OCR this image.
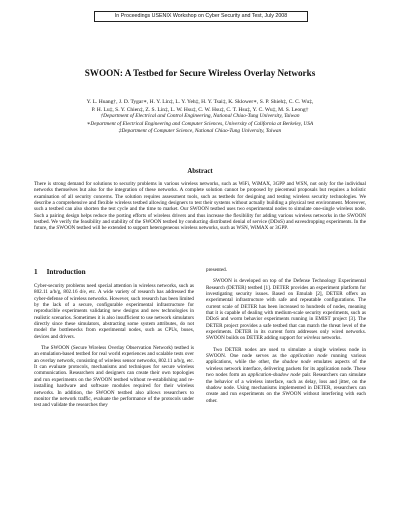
In Proceedings USENIX Workshop on Cyber Security and Test, July 2008
SWOON: A Testbed for Secure Wireless Overlay Networks
Y. L. Huang†, J. D. Tygar∗, H. Y. Lin‡, L. Y. Yeh‡, H. Y. Tsai‡, K. Sklower∗, S. P. Shieh‡, C. C. Wu‡,
P. H. Lu‡, S. Y. Chien‡, Z. S. Lin‡, L. W. Hsu‡, C. W. Hsu‡, C. T. Hsu‡, Y. C. Wu‡, M. S. Leong†
†Department of Electrical and Control Engineering, National Chiao-Tung University, Taiwan
∗Department of Electrical Engineering and Computer Sciences, University of California at Berkeley, USA
‡Department of Computer Science, National Chiao-Tung University, Taiwan
Abstract
There is strong demand for solutions to security problems in various wireless networks, such as WiFi, WiMAX, 3GPP and WSN, not only for the individual networks themselves but also for the integration of these networks. A complete solution cannot be proposed by piecemeal proposals but requires a holistic examination of all security concerns. The solution requires assessment tools, such as testbeds for designing and testing wireless security technologies. We describe a comprehensive and flexible wireless testbed allowing designers to test their systems without actually building a physical test environment. Moreover, such a testbed can also shorten the test cycle and the time to market. Our SWOON testbed uses two experimental nodes to simulate one-single wireless node. Such a pairing design helps reduce the porting efforts of wireless drivers and thus increase the flexibility for adding various wireless networks in the SWOON testbed. We verify the feasibility and stability of the SWOON testbed by conducting distributed denial of service (DDoS) and eavesdropping experiments. In the future, the SWOON testbed will be extended to support heterogeneous wireless networks, such as WSN, WiMAX or 3GPP.
1 Introduction

Cyber-security problems need special attention in wireless networks, such as 802.11 a/b/g, 802.16 d/e, etc. A wide variety of research has addressed the cyber-defense of wireless networks. However, such research has been limited by the lack of a secure, configurable experimental infrastructure for reproducible experiments validating new designs and new technologies in realistic scenarios. Sometimes it is also insufficient to use network simulators directly since these simulators, abstracting some system attributes, do not model the bottlenecks from experimental nodes, such as CPUs, buses, devices and drivers.

The SWOON (Secure Wireless Overlay Observation Network) testbed is an emulation-based testbed for real world experiences and scalable tests over an overlay network, consisting of wireless sensor networks, 802.11 a/b/g, etc. It can evaluate protocols, mechanisms and techniques for secure wireless communication. Researchers and designers can create their own topologies and run experiments on the SWOON testbed without re-establishing and re-installing hardware and software modules required for their wireless networks. In addition, the SWOON testbed also allows researchers to monitor the network traffic, evaluate the performance of the protocols under test and validate the researches they

presented.

SWOON is developed on top of the Defense Technology Experimental Research (DETER) testbed [1]. DETER provides an experiment platform for investigating security issues. Based on Emulab [2], DETER offers an experimental infrastructure with safe and repeatable configurations. The current scale of DETER has been increased to hundreds of nodes, meaning that it is capable of dealing with medium-scale security experiments, such as DDoS and worm behavior experiments running in EMIST project [3]. The DETER project provides a safe testbed that can match the threat level of the experiments. DETER in its current form addresses only wired networks. SWOON builds on DETER adding support for wireless networks.

Two DETER nodes are used to simulate a single wireless node in SWOON. One node serves as the application node running various applications, while the other, the shadow node emulates aspects of the wireless network interface, delivering packets for its application node. These two nodes form an application-shadow node pair. Researchers can simulate the behavior of a wireless interface, such as delay, loss and jitter, on the shadow node. Using mechanisms implemented in DETER, researchers can create and run experiments on the SWOON without interfering with each other.
